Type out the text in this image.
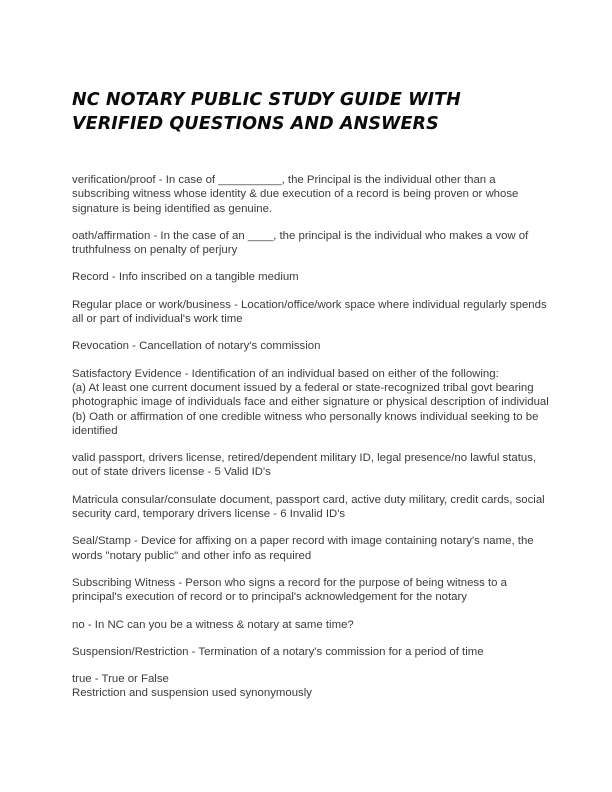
NC NOTARY PUBLIC STUDY GUIDE WITH VERIFIED QUESTIONS AND ANSWERS

verification/proof - In case of __________, the Principal is the individual other than a subscribing witness whose identity & due execution of a record is being proven or whose signature is being identified as genuine.

oath/affirmation - In the case of an ____, the principal is the individual who makes a vow of truthfulness on penalty of perjury

Record - Info inscribed on a tangible medium

Regular place or work/business - Location/office/work space where individual regularly spends all or part of individual's work time

Revocation - Cancellation of notary's commission

Satisfactory Evidence - Identification of an individual based on either of the following:
(a) At least one current document issued by a federal or state-recognized tribal govt bearing photographic image of individuals face and either signature or physical description of individual
(b) Oath or affirmation of one credible witness who personally knows individual seeking to be identified

valid passport, drivers license, retired/dependent military ID, legal presence/no lawful status, out of state drivers license - 5 Valid ID's

Matricula consular/consulate document, passport card, active duty military, credit cards, social security card, temporary drivers license - 6 Invalid ID's

Seal/Stamp - Device for affixing on a paper record with image containing notary's name, the words "notary public" and other info as required

Subscribing Witness - Person who signs a record for the purpose of being witness to a principal's execution of record or to principal's acknowledgement for the notary

no - In NC can you be a witness & notary at same time?

Suspension/Restriction - Termination of a notary's commission for a period of time

true - True or False

Restriction and suspension used synonymously
